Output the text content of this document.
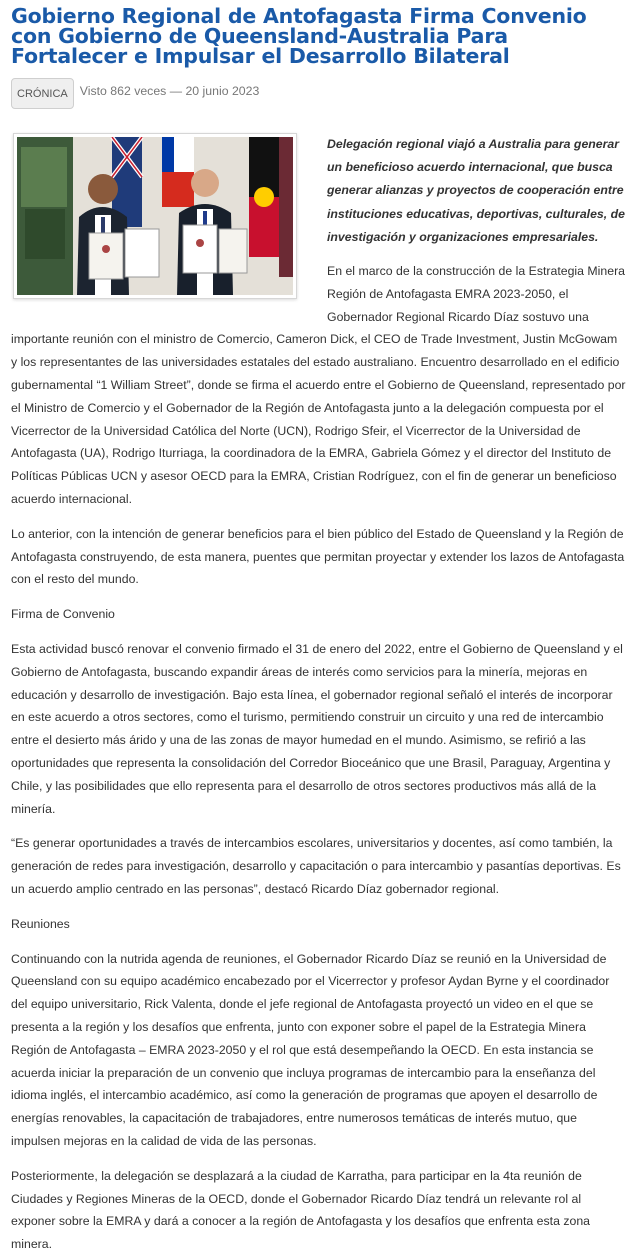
Gobierno Regional de Antofagasta Firma Convenio con Gobierno de Queensland-Australia Para Fortalecer e Impulsar el Desarrollo Bilateral
CRÓNICA Visto 862 veces — 20 junio 2023

Delegación regional viajó a Australia para generar un beneficioso acuerdo internacional, que busca generar alianzas y proyectos de cooperación entre instituciones educativas, deportivas, culturales, de investigación y organizaciones empresariales.

En el marco de la construcción de la Estrategia Minera Región de Antofagasta EMRA 2023-2050, el Gobernador Regional Ricardo Díaz sostuvo una importante reunión con el ministro de Comercio, Cameron Dick, el CEO de Trade Investment, Justin McGowam y los representantes de las universidades estatales del estado australiano. Encuentro desarrollado en el edificio gubernamental “1 William Street”, donde se firma el acuerdo entre el Gobierno de Queensland, representado por el Ministro de Comercio y el Gobernador de la Región de Antofagasta junto a la delegación compuesta por el Vicerrector de la Universidad Católica del Norte (UCN), Rodrigo Sfeir, el Vicerrector de la Universidad de Antofagasta (UA), Rodrigo Iturriaga, la coordinadora de la EMRA, Gabriela Gómez y el director del Instituto de Políticas Públicas UCN y asesor OECD para la EMRA, Cristian Rodríguez, con el fin de generar un beneficioso acuerdo internacional.

Lo anterior, con la intención de generar beneficios para el bien público del Estado de Queensland y la Región de Antofagasta construyendo, de esta manera, puentes que permitan proyectar y extender los lazos de Antofagasta con el resto del mundo.

Firma de Convenio

Esta actividad buscó renovar el convenio firmado el 31 de enero del 2022, entre el Gobierno de Queensland y el Gobierno de Antofagasta, buscando expandir áreas de interés como servicios para la minería, mejoras en educación y desarrollo de investigación. Bajo esta línea, el gobernador regional señaló el interés de incorporar en este acuerdo a otros sectores, como el turismo, permitiendo construir un circuito y una red de intercambio entre el desierto más árido y una de las zonas de mayor humedad en el mundo. Asimismo, se refirió a las oportunidades que representa la consolidación del Corredor Bioceánico que une Brasil, Paraguay, Argentina y Chile, y las posibilidades que ello representa para el desarrollo de otros sectores productivos más allá de la minería.

“Es generar oportunidades a través de intercambios escolares, universitarios y docentes, así como también, la generación de redes para investigación, desarrollo y capacitación o para intercambio y pasantías deportivas. Es un acuerdo amplio centrado en las personas”, destacó Ricardo Díaz gobernador regional.

Reuniones

Continuando con la nutrida agenda de reuniones, el Gobernador Ricardo Díaz se reunió en la Universidad de Queensland con su equipo académico encabezado por el Vicerrector y profesor Aydan Byrne y el coordinador del equipo universitario, Rick Valenta, donde el jefe regional de Antofagasta proyectó un video en el que se presenta a la región y los desafíos que enfrenta, junto con exponer sobre el papel de la Estrategia Minera Región de Antofagasta – EMRA 2023-2050 y el rol que está desempeñando la OECD. En esta instancia se acuerda iniciar la preparación de un convenio que incluya programas de intercambio para la enseñanza del idioma inglés, el intercambio académico, así como la generación de programas que apoyen el desarrollo de energías renovables, la capacitación de trabajadores, entre numerosos temáticas de interés mutuo, que impulsen mejoras en la calidad de vida de las personas.

Posteriormente, la delegación se desplazará a la ciudad de Karratha, para participar en la 4ta reunión de Ciudades y Regiones Mineras de la OECD, donde el Gobernador Ricardo Díaz tendrá un relevante rol al exponer sobre la EMRA y dará a conocer a la región de Antofagasta y los desafíos que enfrenta esta zona minera.
